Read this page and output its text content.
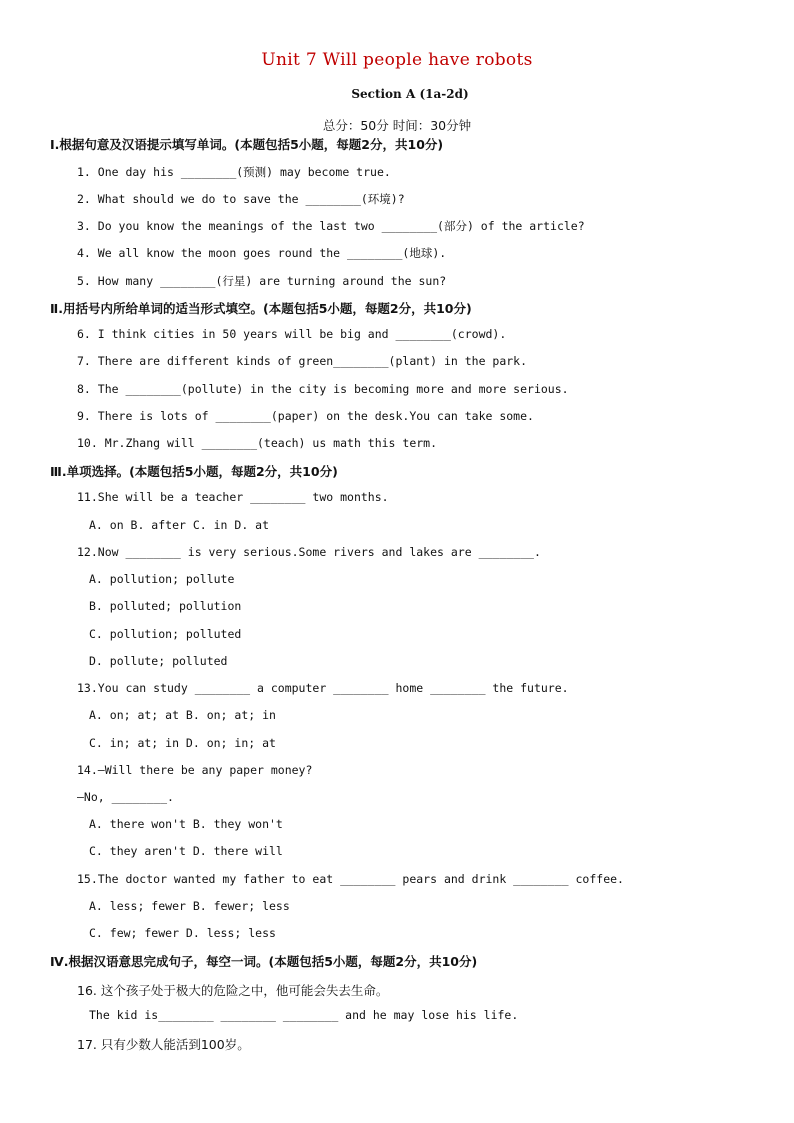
Unit 7 Will people have robots
Section A (1a-2d)
总分：50分 时间：30分钟
Ⅰ.根据句意及汉语提示填写单词。(本题包括5小题，每题2分，共10分)
1. One day his ________(预测) may become true.
2. What should we do to save the ________(环境)?
3. Do you know the meanings of the last two ________(部分) of the article?
4. We all know the moon goes round the ________(地球).
5. How many ________(行星) are turning around the sun?
Ⅱ.用括号内所给单词的适当形式填空。(本题包括5小题，每题2分，共10分)
6. I think cities in 50 years will be big and ________(crowd).
7. There are different kinds of green________(plant) in the park.
8. The ________(pollute) in the city is becoming more and more serious.
9. There is lots of ________(paper) on the desk.You can take some.
10. Mr.Zhang will ________(teach) us math this term.
Ⅲ.单项选择。(本题包括5小题，每题2分，共10分)
11.She will be a teacher ________ two months.
A. on B. after C. in D. at
12.Now ________ is very serious.Some rivers and lakes are ________.
A. pollution; pollute
B. polluted; pollution
C. pollution; polluted
D. pollute; polluted
13.You can study ________ a computer ________ home ________ the future.
A. on; at; at B. on; at; in
C. in; at; in D. on; in; at
14.—Will there be any paper money?
—No, ________.
A. there won't B. they won't
C. they aren't D. there will
15.The doctor wanted my father to eat ________ pears and drink ________ coffee.
A. less; fewer B. fewer; less
C. few; fewer D. less; less
Ⅳ.根据汉语意思完成句子，每空一词。(本题包括5小题，每题2分，共10分)
16. 这个孩子处于极大的危险之中，他可能会失去生命。
The kid is________ ________ ________ and he may lose his life.
17. 只有少数人能活到100岁。
